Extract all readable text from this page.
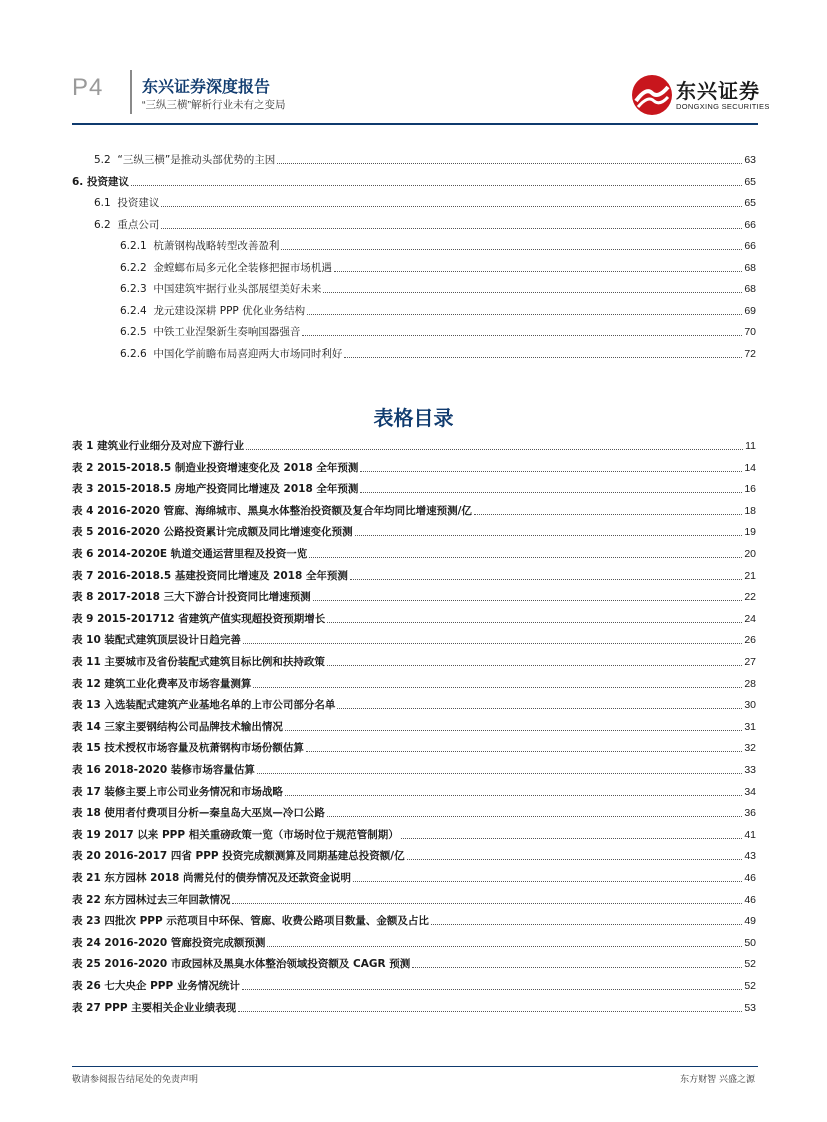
P4 东兴证券深度报告
“三纵三横”解析行业未有之变局
东兴证券
DONGXING SECURITIES
5.2 “三纵三横”是推动头部优势的主因	63
6. 投资建议	65
6.1 投资建议	65
6.2 重点公司	66
6.2.1 杭萧钢构战略转型改善盈利	66
6.2.2 金螳螂布局多元化全装修把握市场机遇	68
6.2.3 中国建筑牢据行业头部展望美好未来	68
6.2.4 龙元建设深耕 PPP 优化业务结构	69
6.2.5 中铁工业涅槃新生奏响国器强音	70
6.2.6 中国化学前瞻布局喜迎两大市场同时利好	72
表格目录
表 1 建筑业行业细分及对应下游行业	11
表 2 2015-2018.5 制造业投资增速变化及 2018 全年预测	14
表 3 2015-2018.5 房地产投资同比增速及 2018 全年预测	16
表 4 2016-2020 管廊、海绵城市、黑臭水体整治投资额及复合年均同比增速预测/亿	18
表 5 2016-2020 公路投资累计完成额及同比增速变化预测	19
表 6 2014-2020E 轨道交通运营里程及投资一览	20
表 7 2016-2018.5 基建投资同比增速及 2018 全年预测	21
表 8 2017-2018 三大下游合计投资同比增速预测	22
表 9 2015-201712 省建筑产值实现超投资预期增长	24
表 10 装配式建筑顶层设计日趋完善	26
表 11 主要城市及省份装配式建筑目标比例和扶持政策	27
表 12 建筑工业化费率及市场容量测算	28
表 13 入选装配式建筑产业基地名单的上市公司部分名单	30
表 14 三家主要钢结构公司品牌技术输出情况	31
表 15 技术授权市场容量及杭萧钢构市场份额估算	32
表 16 2018-2020 装修市场容量估算	33
表 17 装修主要上市公司业务情况和市场战略	34
表 18 使用者付费项目分析—秦皇岛大巫岚—冷口公路	36
表 19 2017 以来 PPP 相关重磅政策一览（市场时位于规范管制期）	41
表 20 2016-2017 四省 PPP 投资完成额测算及同期基建总投资额/亿	43
表 21 东方园林 2018 尚需兑付的债券情况及还款资金说明	46
表 22 东方园林过去三年回款情况	46
表 23 四批次 PPP 示范项目中环保、管廊、收费公路项目数量、金额及占比	49
表 24 2016-2020 管廊投资完成额预测	50
表 25 2016-2020 市政园林及黑臭水体整治领域投资额及 CAGR 预测	52
表 26 七大央企 PPP 业务情况统计	52
表 27 PPP 主要相关企业业绩表现	53
敬请参阅报告结尾处的免责声明	东方财智 兴盛之源
